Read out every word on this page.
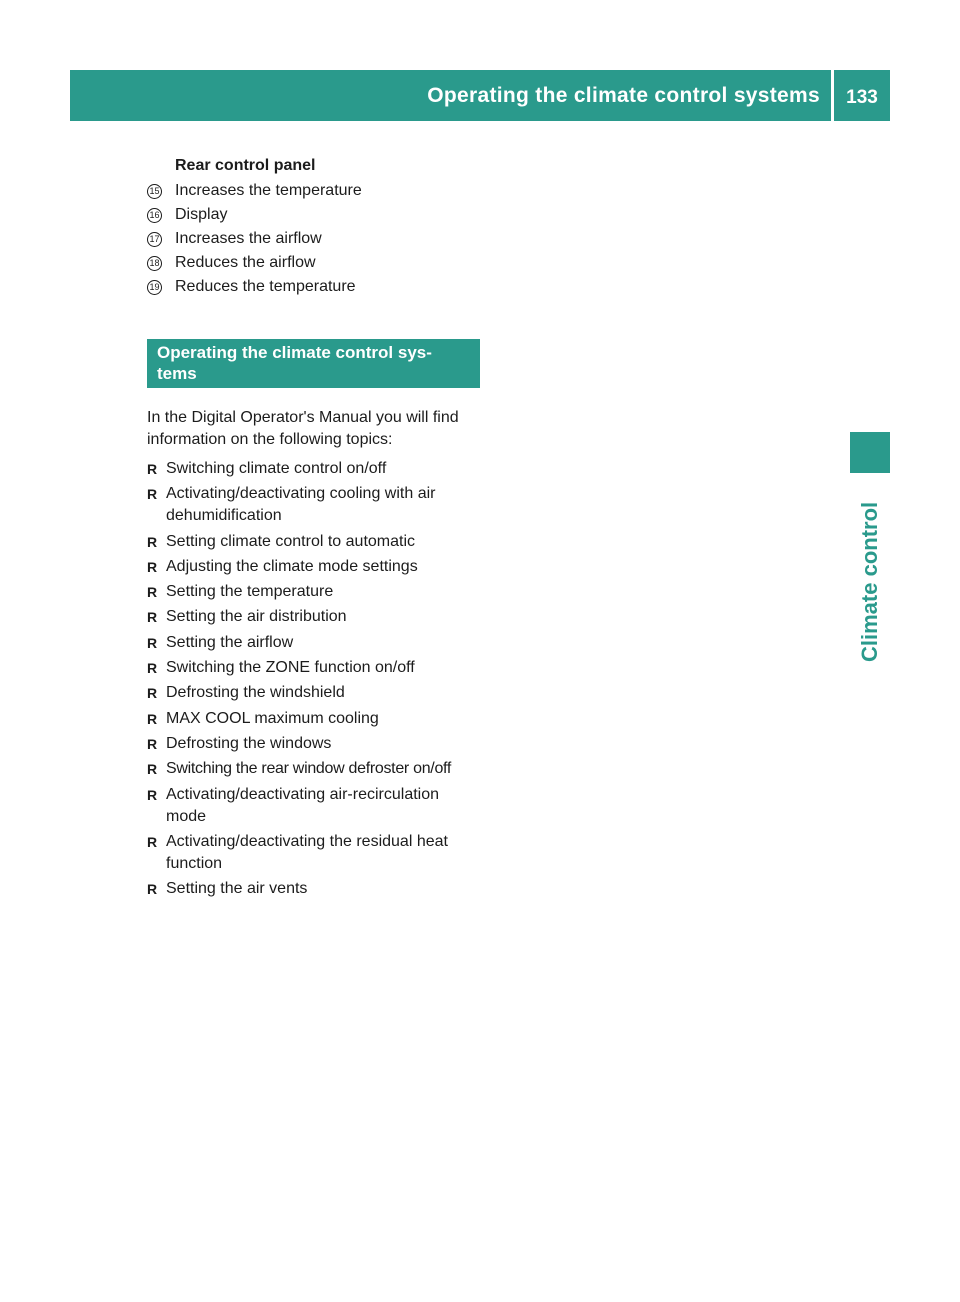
Operating the climate control systems	133
Climate control
Rear control panel
15 Increases the temperature
16 Display
17 Increases the airflow
18 Reduces the airflow
19 Reduces the temperature
Operating the climate control sys-
tems
In the Digital Operator's Manual you will find information on the following topics:
R Switching climate control on/off
R Activating/deactivating cooling with air dehumidification
R Setting climate control to automatic
R Adjusting the climate mode settings
R Setting the temperature
R Setting the air distribution
R Setting the airflow
R Switching the ZONE function on/off
R Defrosting the windshield
R MAX COOL maximum cooling
R Defrosting the windows
R Switching the rear window defroster on/off
R Activating/deactivating air-recirculation mode
R Activating/deactivating the residual heat function
R Setting the air vents
